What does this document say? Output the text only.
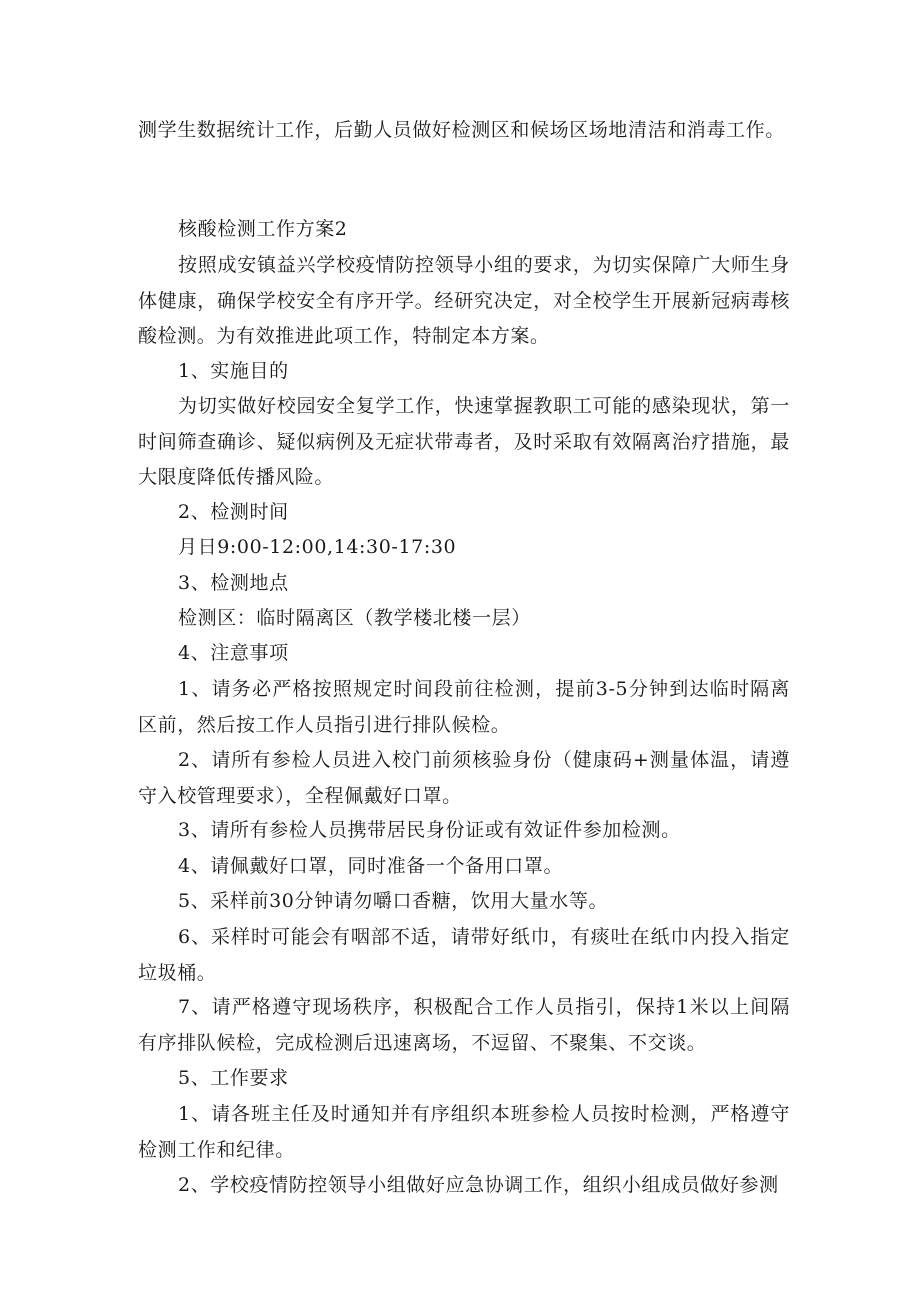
测学生数据统计工作，后勤人员做好检测区和候场区场地清洁和消毒工作。

核酸检测工作方案2

按照成安镇益兴学校疫情防控领导小组的要求，为切实保障广大师生身体健康，确保学校安全有序开学。经研究决定，对全校学生开展新冠病毒核酸检测。为有效推进此项工作，特制定本方案。

1、实施目的

为切实做好校园安全复学工作，快速掌握教职工可能的感染现状，第一时间筛查确诊、疑似病例及无症状带毒者，及时采取有效隔离治疗措施，最大限度降低传播风险。

2、检测时间

月日9:00-12:00,14:30-17:30

3、检测地点

检测区：临时隔离区（教学楼北楼一层）

4、注意事项

1、请务必严格按照规定时间段前往检测，提前3-5分钟到达临时隔离区前，然后按工作人员指引进行排队候检。

2、请所有参检人员进入校门前须核验身份（健康码+测量体温，请遵守入校管理要求），全程佩戴好口罩。

3、请所有参检人员携带居民身份证或有效证件参加检测。

4、请佩戴好口罩，同时准备一个备用口罩。

5、采样前30分钟请勿嚼口香糖，饮用大量水等。

6、采样时可能会有咽部不适，请带好纸巾，有痰吐在纸巾内投入指定垃圾桶。

7、请严格遵守现场秩序，积极配合工作人员指引，保持1米以上间隔有序排队候检，完成检测后迅速离场，不逗留、不聚集、不交谈。

5、工作要求

1、请各班主任及时通知并有序组织本班参检人员按时检测，严格遵守检测工作和纪律。

2、学校疫情防控领导小组做好应急协调工作，组织小组成员做好参测
